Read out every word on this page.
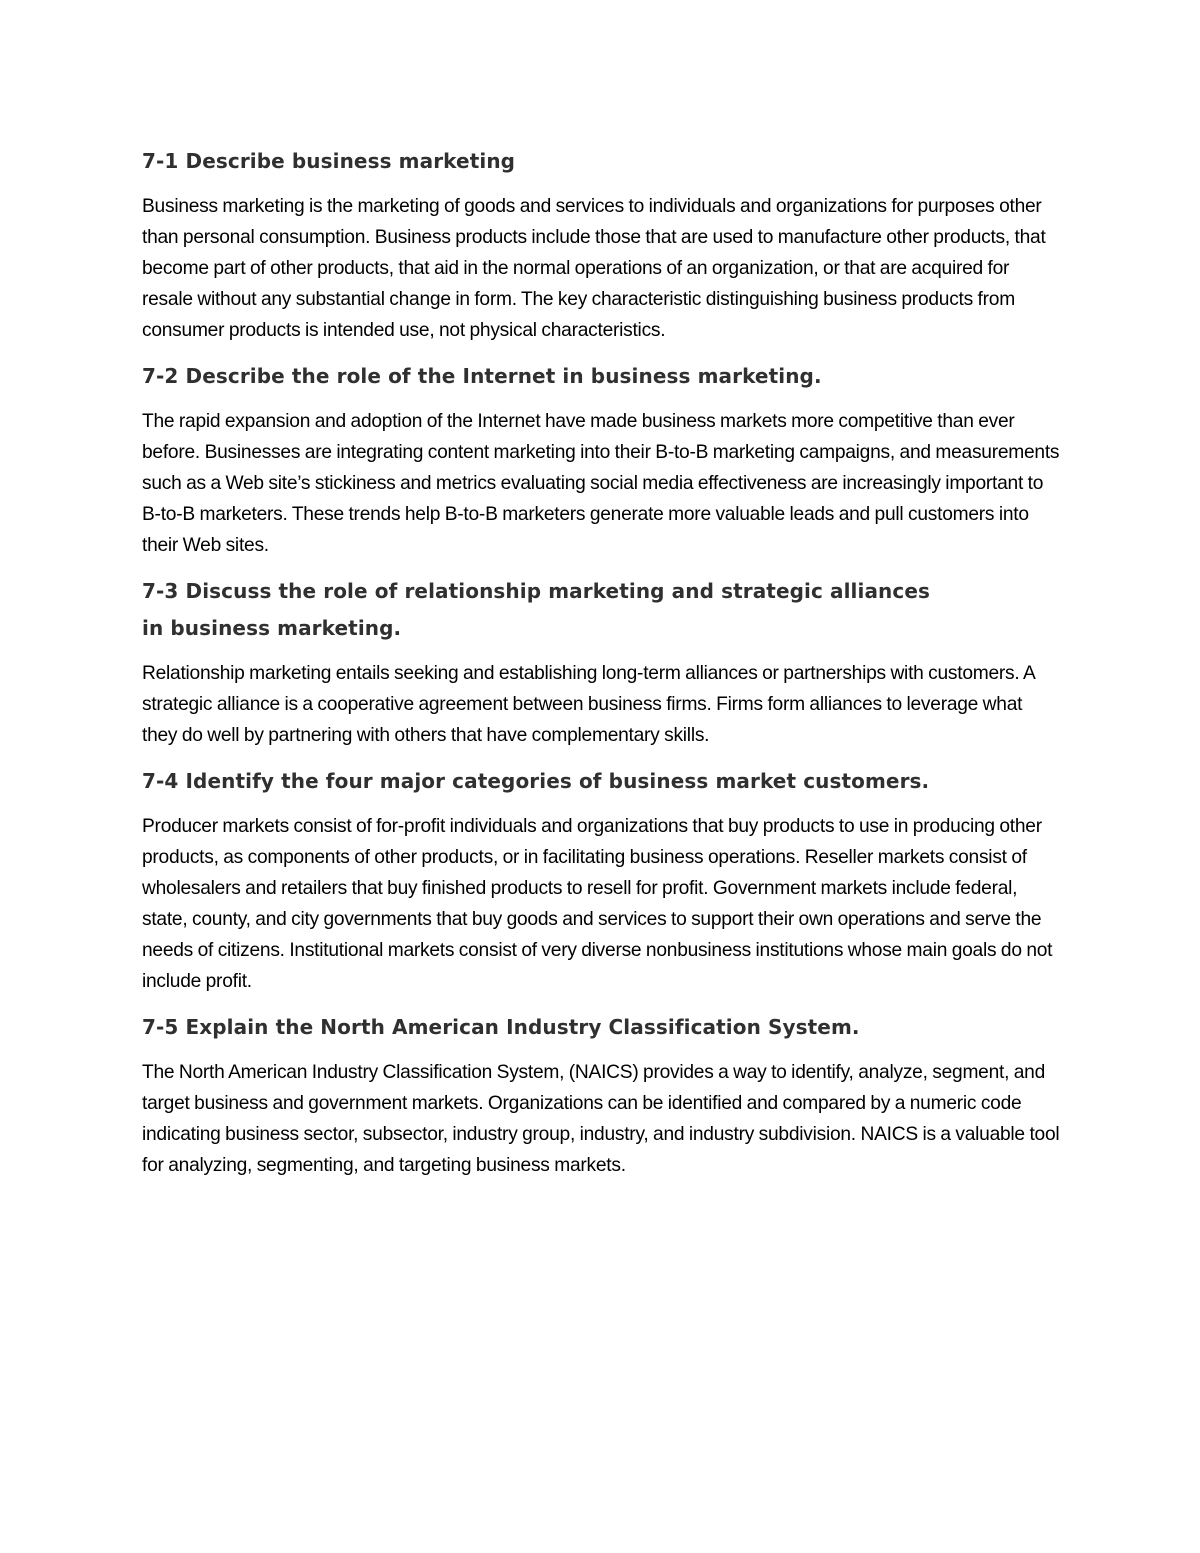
7-1 Describe business marketing

Business marketing is the marketing of goods and services to individuals and organizations for purposes other than personal consumption. Business products include those that are used to manufacture other products, that become part of other products, that aid in the normal operations of an organization, or that are acquired for resale without any substantial change in form. The key characteristic distinguishing business products from consumer products is intended use, not physical characteristics.

7-2 Describe the role of the Internet in business marketing.

The rapid expansion and adoption of the Internet have made business markets more competitive than ever before. Businesses are integrating content marketing into their B-to-B marketing campaigns, and measurements such as a Web site’s stickiness and metrics evaluating social media effectiveness are increasingly important to B-to-B marketers. These trends help B-to-B marketers generate more valuable leads and pull customers into their Web sites.

7-3 Discuss the role of relationship marketing and strategic alliances
in business marketing.

Relationship marketing entails seeking and establishing long-term alliances or partnerships with customers. A strategic alliance is a cooperative agreement between business firms. Firms form alliances to leverage what they do well by partnering with others that have complementary skills.

7-4 Identify the four major categories of business market customers.

Producer markets consist of for-profit individuals and organizations that buy products to use in producing other products, as components of other products, or in facilitating business operations. Reseller markets consist of wholesalers and retailers that buy finished products to resell for profit. Government markets include federal, state, county, and city governments that buy goods and services to support their own operations and serve the needs of citizens. Institutional markets consist of very diverse nonbusiness institutions whose main goals do not include profit.

7-5 Explain the North American Industry Classification System.

The North American Industry Classification System, (NAICS) provides a way to identify, analyze, segment, and target business and government markets. Organizations can be identified and compared by a numeric code indicating business sector, subsector, industry group, industry, and industry subdivision. NAICS is a valuable tool for analyzing, segmenting, and targeting business markets.
